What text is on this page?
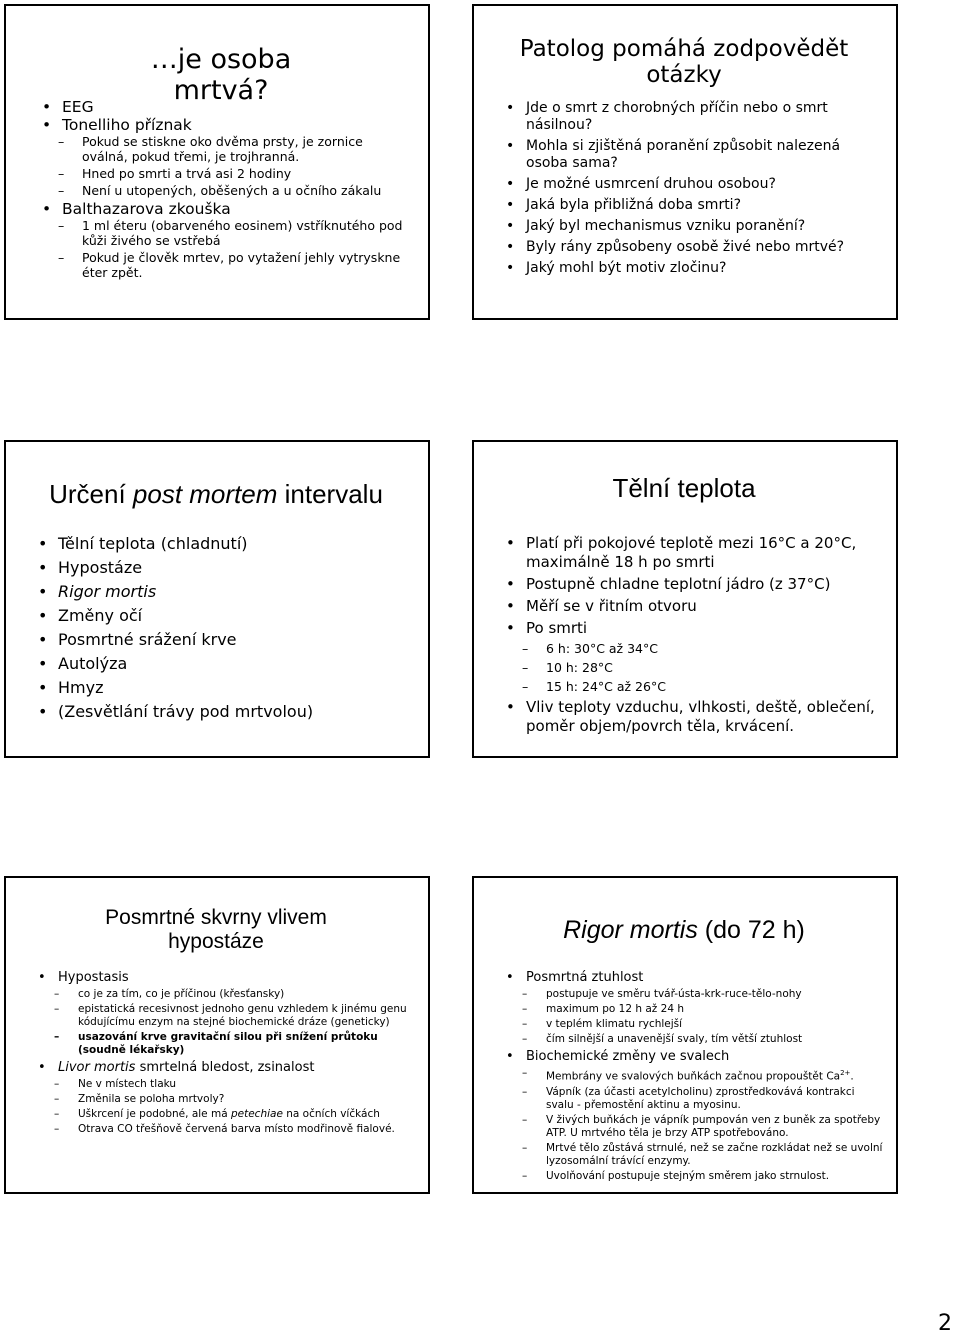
…je osoba mrtvá?
• EEG
• Tonelliho příznak
– Pokud se stiskne oko dvěma prsty, je zornice oválná, pokud třemi, je trojhranná.
– Hned po smrti a trvá asi 2 hodiny
– Není u utopených, oběšených a u očního zákalu
• Balthazarova zkouška
– 1 ml éteru (obarveného eosinem) vstříknutého pod kůži živého se vstřebá
– Pokud je člověk mrtev, po vytažení jehly vytryskne éter zpět.
Patolog pomáhá zodpovědět otázky
• Jde o smrt z chorobných příčin nebo o smrt násilnou?
• Mohla si zjištěná poranění způsobit nalezená osoba sama?
• Je možné usmrcení druhou osobou?
• Jaká byla přibližná doba smrti?
• Jaký byl mechanismus vzniku poranění?
• Byly rány způsobeny osobě živé nebo mrtvé?
• Jaký mohl být motiv zločinu?
Určení post mortem intervalu
• Tělní teplota (chladnutí)
• Hypostáze
• Rigor mortis
• Změny očí
• Posmrtné srážení krve
• Autolýza
• Hmyz
• (Zesvětlání trávy pod mrtvolou)
Tělní teplota
• Platí při pokojové teplotě mezi 16°C a 20°C, maximálně 18 h po smrti
• Postupně chladne teplotní jádro (z 37°C)
• Měří se v řitním otvoru
• Po smrti
– 6 h: 30°C až 34°C
– 10 h: 28°C
– 15 h: 24°C až 26°C
• Vliv teploty vzduchu, vlhkosti, deště, oblečení, poměr objem/povrch těla, krvácení.
Posmrtné skvrny vlivem hypostáze
• Hypostasis
– co je za tím, co je příčinou (křesťansky)
– epistatická recesivnost jednoho genu vzhledem k jinému genu kódujícímu enzym na stejné biochemické dráze (geneticky)
– usazování krve gravitační silou při snížení průtoku (soudně lékařsky)
• Livor mortis smrtelná bledost, zsinalost
– Ne v místech tlaku
– Změnila se poloha mrtvoly?
– Uškrcení je podobné, ale má petechiae na očních víčkách
– Otrava CO třešňově červená barva místo modřinově fialové.
Rigor mortis (do 72 h)
• Posmrtná ztuhlost
– postupuje ve směru tvář-ústa-krk-ruce-tělo-nohy
– maximum po 12 h až 24 h
– v teplém klimatu rychlejší
– čím silnější a unavenější svaly, tím větší ztuhlost
• Biochemické změny ve svalech
– Membrány ve svalových buňkách začnou propouštět $Ca^{2+}$.
– Vápník (za účasti acetylcholinu) zprostředkovává kontrakci svalu - přemostění aktinu a myosinu.
– V živých buňkách je vápník pumpován ven z buněk za spotřeby ATP. U mrtvého těla je brzy ATP spotřebováno.
– Mrtvé tělo zůstává strnulé, než se začne rozkládat než se uvolní lyzosomální trávící enzymy.
– Uvolňování postupuje stejným směrem jako strnulost.
2
